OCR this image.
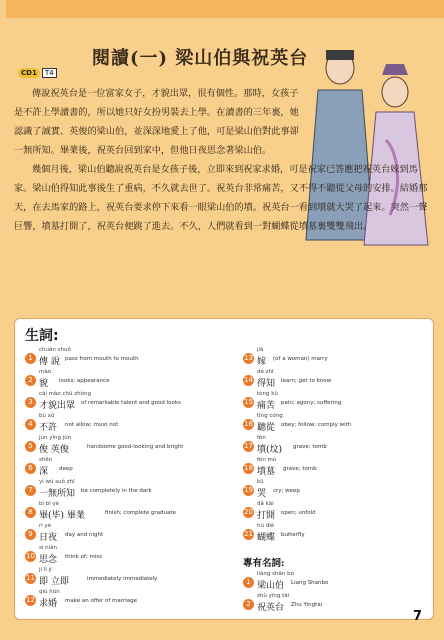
閱讀(一) 梁山伯與祝英台
CD1	T4

傳說祝英台是一位富家女子，才貌出眾，很有個性。那時，女孩子是不許上學讀書的，所以她只好女扮男裝去上學。在讀書的三年裏，她認識了誠實、英俊的梁山伯，並深深地愛上了他，可是梁山伯對此事卻一無所知。畢業後，祝英台回到家中，但他日夜思念著梁山伯。

幾個月後，梁山伯聽說祝英台是女孩子後，立即來到祝家求婚，可是祝家已答應把祝英台嫁到馬家。梁山伯得知此事後生了重病，不久就去世了。祝英台非常痛苦，又不得不聽從父母的安排。結婚那天，在去馬家的路上，祝英台要求停下來看一眼梁山伯的墳。祝英台一看到墳就大哭了起來。突然一聲巨響，墳墓打開了，祝英台便跳了進去。不久，人們就看到一對蝴蝶從墳墓裏雙雙飛出。

生詞:
1
chuán shuō
傳 說 pass from mouth to mouth
2
mào
貌 looks; appearance
3
cái mào chū zhòng
才貌出眾 of remarkable talent and good looks
4
bù xǔ
不許 not allow; must not
5
jùn yīng jùn
俊 英俊	handsome good-looking and bright
6
shēn
深 deep
7
yì wú suǒ zhī
一無所知 be completely in the dark
8
bì bì yè
畢(毕) 畢業	finish; complete graduate
9
rì yè
日夜 day and night
10
sī niàn
思念 think of; miss
11
jí lì jí
即 立即	immediately immediately
12
qiú hūn
求婚 make an offer of marriage
13
jià
嫁 (of a woman) marry
14
dé zhī
得知 learn; get to know
15
tòng kǔ
痛苦 pain; agony; suffering
16
tīng cóng
聽從 obey; follow; comply with
17
fén
墳(坟) grave; tomb
18
fén mù
墳墓 grave; tomb
19
kū
哭 cry; weep
20
dǎ kāi
打開 open; unfold
21
hú dié
蝴蝶 butterfly
專有名詞:
1
liáng shān bó
梁山伯 Liang Shanbo
2
zhù yīng tái
祝英台 Zhu Yingtai
7
